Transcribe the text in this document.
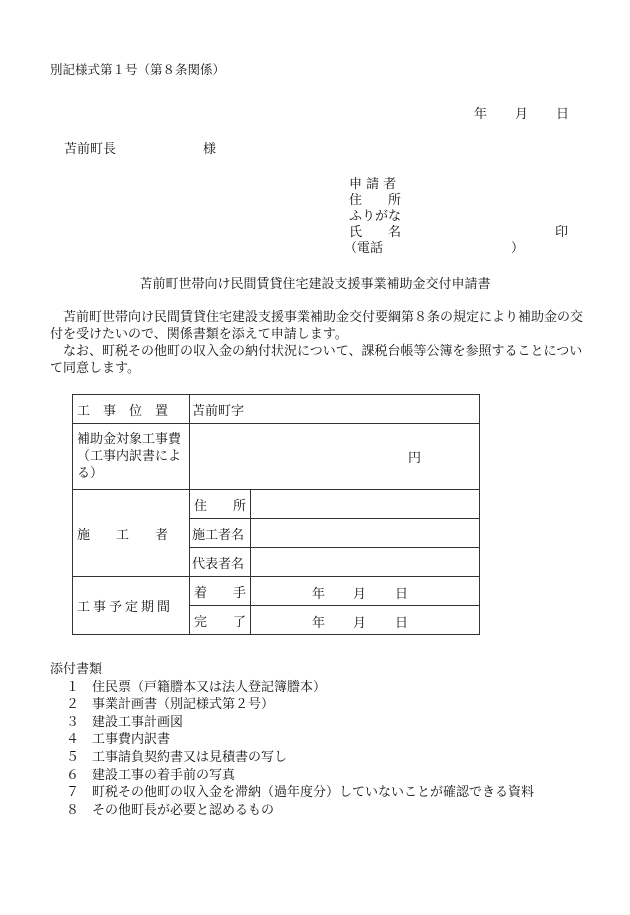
別記様式第１号（第８条関係）
年 月 日
苫前町長	様
申 請 者
住　　所
ふりがな
氏　　名	印
（電話	）
苫前町世帯向け民間賃貸住宅建設支援事業補助金交付申請書

　苫前町世帯向け民間賃貸住宅建設支援事業補助金交付要綱第８条の規定により補助金の交付を受けたいので、関係書類を添えて申請します。

　なお、町税その他町の収入金の納付状況について、課税台帳等公簿を参照することについて同意します。

工　事　位　置	苫前町字	
補助金対象工事費（工事内訳書による）	円	
施　　工　　者	住　　所	
	施工者名	
	代表者名	

工事予定期間	着　　手	年 月 日

	完　　了	年 月 日
添付書類
１ 住民票（戸籍謄本又は法人登記簿謄本）
２ 事業計画書（別記様式第２号）
３ 建設工事計画図
４ 工事費内訳書
５ 工事請負契約書又は見積書の写し
６ 建設工事の着手前の写真
７ 町税その他町の収入金を滞納（過年度分）していないことが確認できる資料
８ その他町長が必要と認めるもの
